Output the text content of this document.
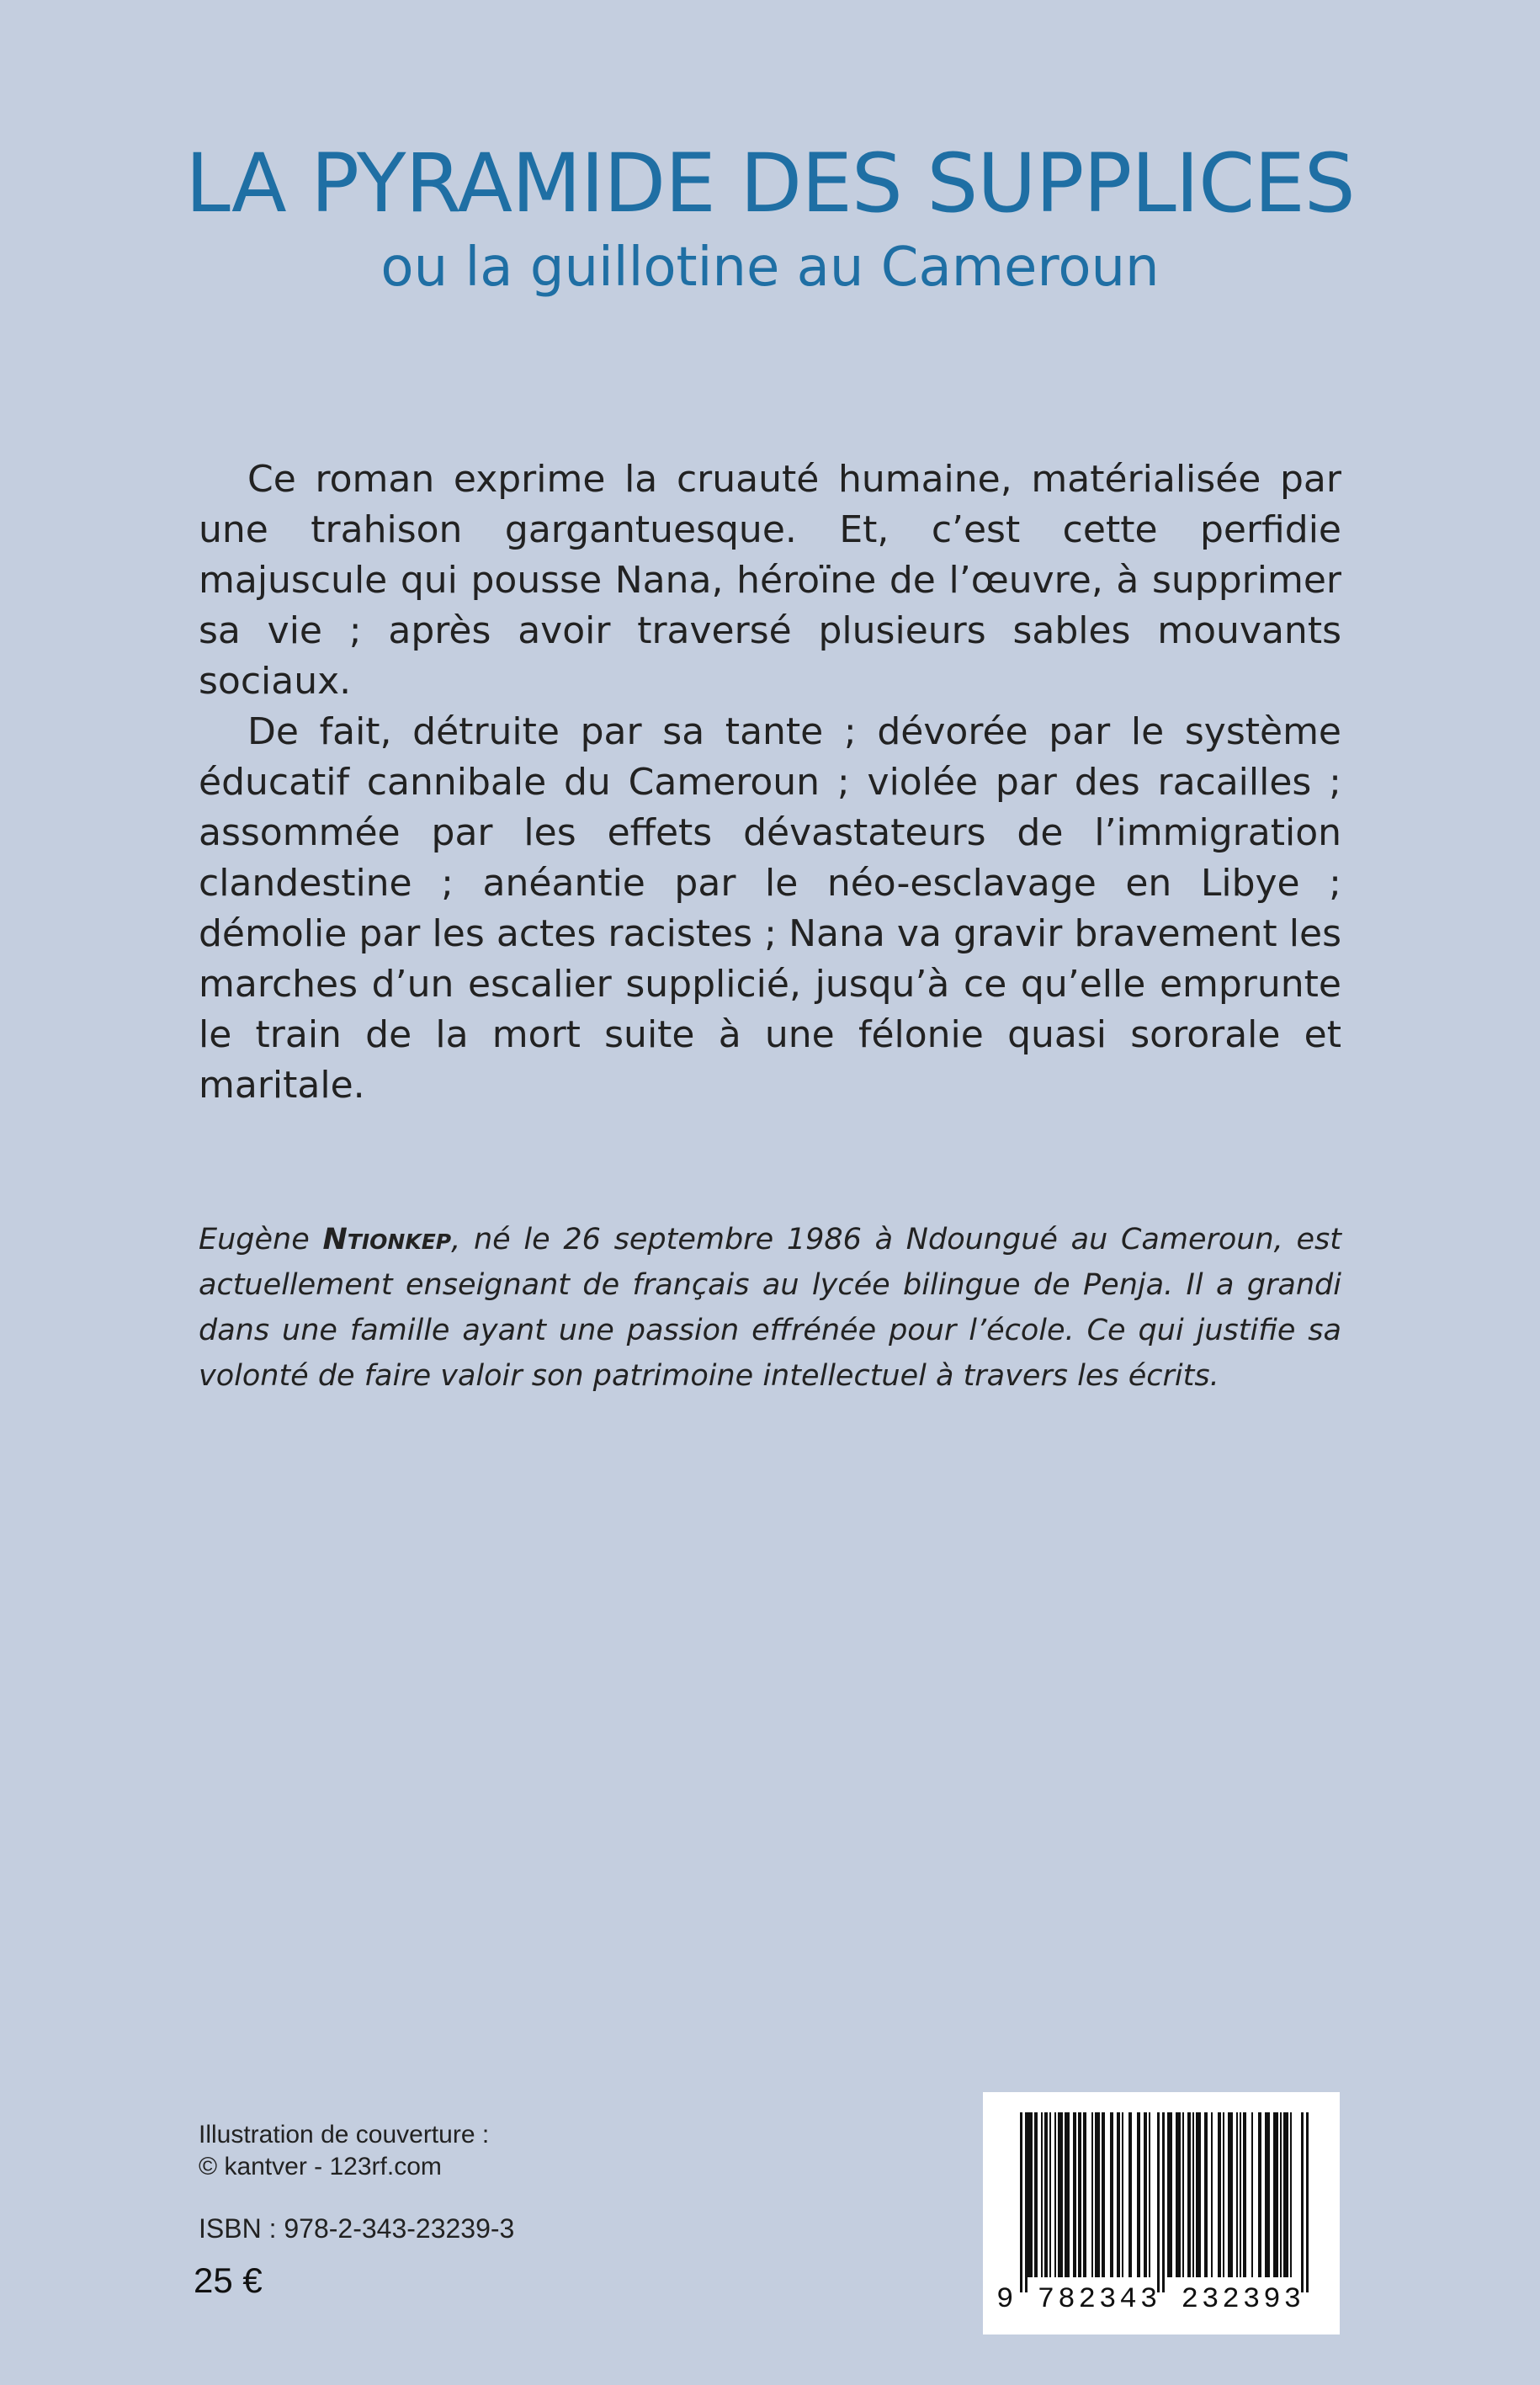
LA PYRAMIDE DES SUPPLICES

ou la guillotine au Cameroun

Ce roman exprime la cruauté humaine, matérialisée par une trahison gargantuesque. Et, c’est cette perfidie majuscule qui pousse Nana, héroïne de l’œuvre, à supprimer sa vie ; après avoir traversé plusieurs sables mouvants sociaux.

De fait, détruite par sa tante ; dévorée par le système éducatif cannibale du Cameroun ; violée par des racailles ; assommée par les effets dévastateurs de l’immigration clandestine ; anéantie par le néo-esclavage en Libye ; démolie par les actes racistes ; Nana va gravir bravement les marches d’un escalier supplicié, jusqu’à ce qu’elle emprunte le train de la mort suite à une félonie quasi sororale et maritale.

Eugène Ntionkep, né le 26 septembre 1986 à Ndoungué au Cameroun, est actuellement enseignant de français au lycée bilingue de Penja. Il a grandi dans une famille ayant une passion effrénée pour l’école. Ce qui justifie sa volonté de faire valoir son patrimoine intellectuel à travers les écrits.

Illustration de couverture :
© kantver - 123rf.com
ISBN : 978-2-343-23239-3
25 €	9 782343 232393
